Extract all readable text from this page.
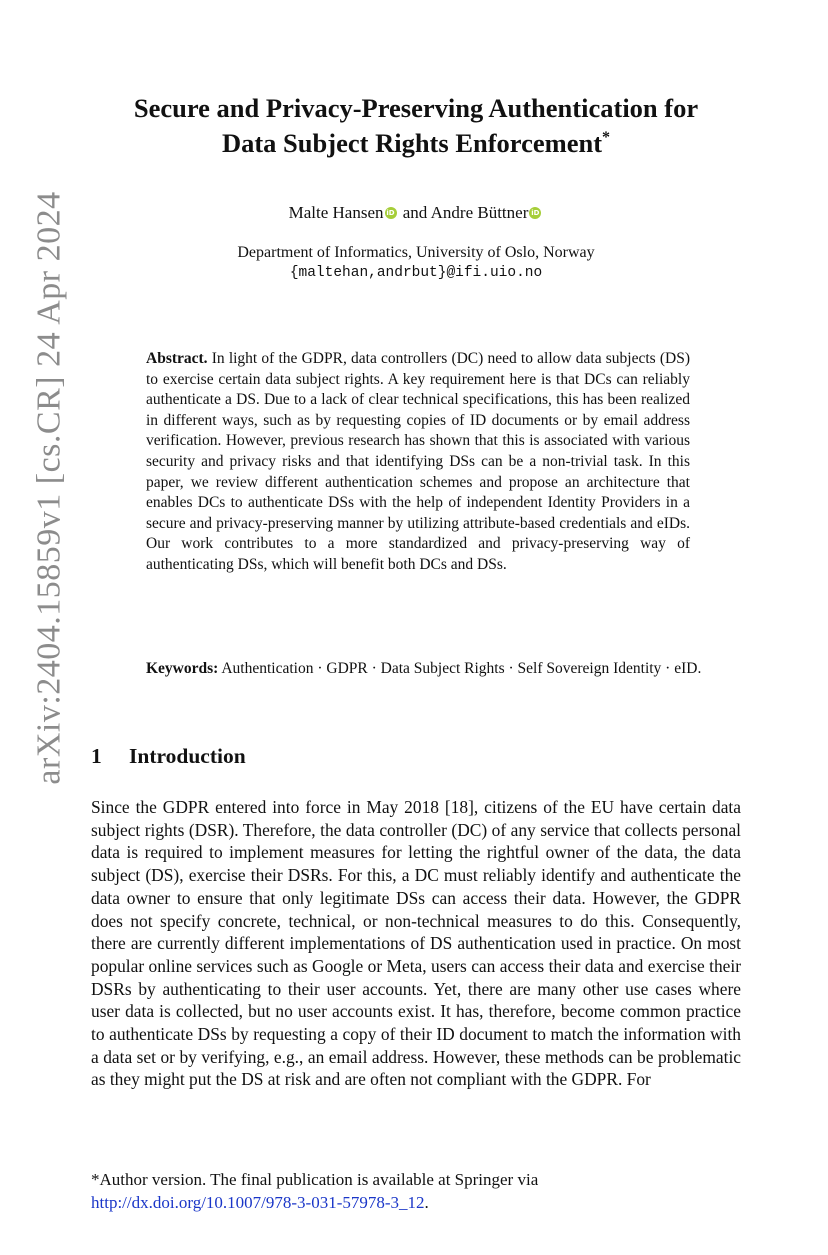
arXiv:2404.15859v1 [cs.CR] 24 Apr 2024
Secure and Privacy-Preserving Authentication for
Data Subject Rights Enforcement*
Malte Hansen iD and Andre Büttner iD
Department of Informatics, University of Oslo, Norway
{maltehan,andrbut}@ifi.uio.no

Abstract. In light of the GDPR, data controllers (DC) need to allow data subjects (DS) to exercise certain data subject rights. A key requirement here is that DCs can reliably authenticate a DS. Due to a lack of clear technical specifications, this has been realized in different ways, such as by requesting copies of ID documents or by email address verification. However, previous research has shown that this is associated with various security and privacy risks and that identifying DSs can be a non-trivial task. In this paper, we review different authentication schemes and propose an architecture that enables DCs to authenticate DSs with the help of independent Identity Providers in a secure and privacy-preserving manner by utilizing attribute-based credentials and eIDs. Our work contributes to a more standardized and privacy-preserving way of authenticating DSs, which will benefit both DCs and DSs.

Keywords: Authentication · GDPR · Data Subject Rights · Self Sovereign Identity · eID.

1 Introduction

Since the GDPR entered into force in May 2018 [18], citizens of the EU have certain data subject rights (DSR). Therefore, the data controller (DC) of any service that collects personal data is required to implement measures for letting the rightful owner of the data, the data subject (DS), exercise their DSRs. For this, a DC must reliably identify and authenticate the data owner to ensure that only legitimate DSs can access their data. However, the GDPR does not specify concrete, technical, or non-technical measures to do this. Consequently, there are currently different implementations of DS authentication used in practice. On most popular online services such as Google or Meta, users can access their data and exercise their DSRs by authenticating to their user accounts. Yet, there are many other use cases where user data is collected, but no user accounts exist. It has, therefore, become common practice to authenticate DSs by requesting a copy of their ID document to match the information with a data set or by verifying, e.g., an email address. However, these methods can be problematic as they might put the DS at risk and are often not compliant with the GDPR. For

*Author version. The final publication is available at Springer via
http://dx.doi.org/10.1007/978-3-031-57978-3_12.
